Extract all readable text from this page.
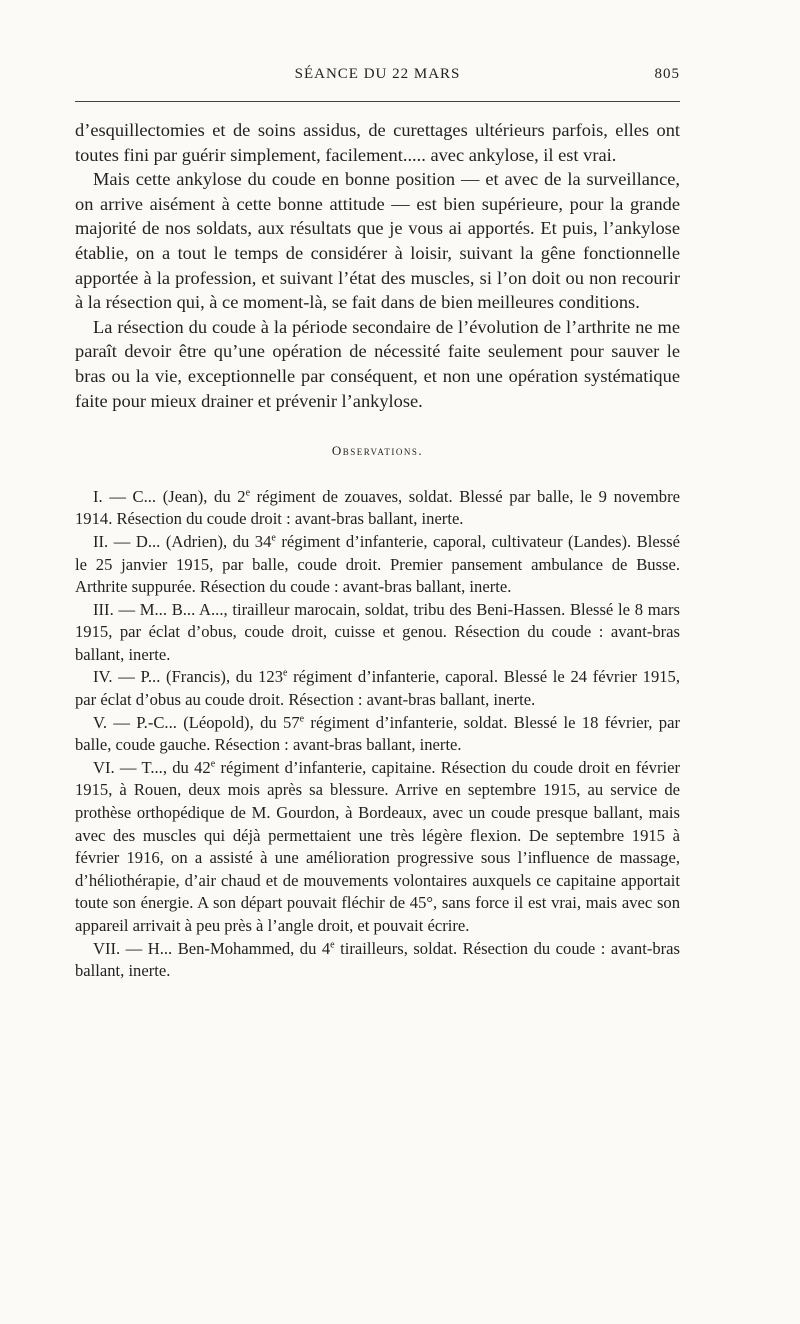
SÉANCE DU 22 MARS	805

d’esquillectomies et de soins assidus, de curettages ultérieurs parfois, elles ont toutes fini par guérir simplement, facilement..... avec ankylose, il est vrai.

Mais cette ankylose du coude en bonne position — et avec de la surveillance, on arrive aisément à cette bonne attitude — est bien supérieure, pour la grande majorité de nos soldats, aux résultats que je vous ai apportés. Et puis, l’ankylose établie, on a tout le temps de considérer à loisir, suivant la gêne fonctionnelle apportée à la profession, et suivant l’état des muscles, si l’on doit ou non recourir à la résection qui, à ce moment-là, se fait dans de bien meilleures conditions.

La résection du coude à la période secondaire de l’évolution de l’arthrite ne me paraît devoir être qu’une opération de nécessité faite seulement pour sauver le bras ou la vie, exceptionnelle par conséquent, et non une opération systématique faite pour mieux drainer et prévenir l’ankylose.

Observations.

I. — C... (Jean), du 2e régiment de zouaves, soldat. Blessé par balle, le 9 novembre 1914. Résection du coude droit : avant-bras ballant, inerte.

II. — D... (Adrien), du 34e régiment d’infanterie, caporal, cultivateur (Landes). Blessé le 25 janvier 1915, par balle, coude droit. Premier pansement ambulance de Busse. Arthrite suppurée. Résection du coude : avant-bras ballant, inerte.

III. — M... B... A..., tirailleur marocain, soldat, tribu des Beni-Hassen. Blessé le 8 mars 1915, par éclat d’obus, coude droit, cuisse et genou. Résection du coude : avant-bras ballant, inerte.

IV. — P... (Francis), du 123e régiment d’infanterie, caporal. Blessé le 24 février 1915, par éclat d’obus au coude droit. Résection : avant-bras ballant, inerte.

V. — P.-C... (Léopold), du 57e régiment d’infanterie, soldat. Blessé le 18 février, par balle, coude gauche. Résection : avant-bras ballant, inerte.

VI. — T..., du 42e régiment d’infanterie, capitaine. Résection du coude droit en février 1915, à Rouen, deux mois après sa blessure. Arrive en septembre 1915, au service de prothèse orthopédique de M. Gourdon, à Bordeaux, avec un coude presque ballant, mais avec des muscles qui déjà permettaient une très légère flexion. De septembre 1915 à février 1916, on a assisté à une amélioration progressive sous l’influence de massage, d’héliothérapie, d’air chaud et de mouvements volontaires auxquels ce capitaine apportait toute son énergie. A son départ pouvait fléchir de 45°, sans force il est vrai, mais avec son appareil arrivait à peu près à l’angle droit, et pouvait écrire.

VII. — H... Ben-Mohammed, du 4e tirailleurs, soldat. Résection du coude : avant-bras ballant, inerte.
